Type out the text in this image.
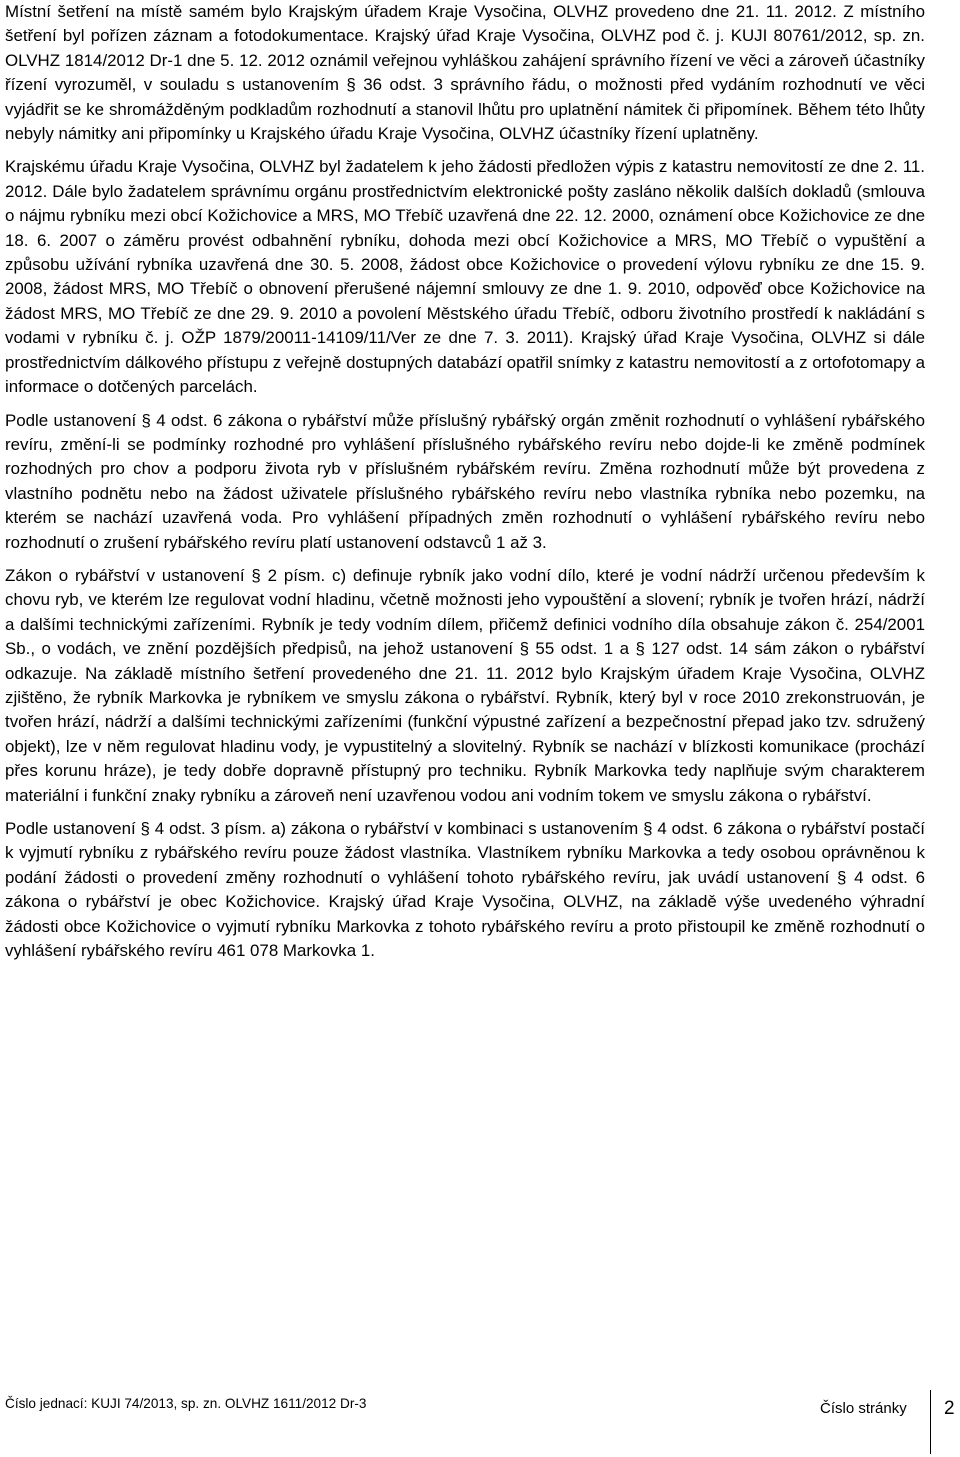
Místní šetření na místě samém bylo Krajským úřadem Kraje Vysočina, OLVHZ provedeno dne 21. 11. 2012. Z místního šetření byl pořízen záznam a fotodokumentace. Krajský úřad Kraje Vysočina, OLVHZ pod č. j. KUJI 80761/2012, sp. zn. OLVHZ 1814/2012 Dr-1 dne 5. 12. 2012 oznámil veřejnou vyhláškou zahájení správního řízení ve věci a zároveň účastníky řízení vyrozuměl, v souladu s ustanovením § 36 odst. 3 správního řádu, o možnosti před vydáním rozhodnutí ve věci vyjádřit se ke shromážděným podkladům rozhodnutí a stanovil lhůtu pro uplatnění námitek či připomínek. Během této lhůty nebyly námitky ani připomínky u Krajského úřadu Kraje Vysočina, OLVHZ účastníky řízení uplatněny.

Krajskému úřadu Kraje Vysočina, OLVHZ byl žadatelem k jeho žádosti předložen výpis z katastru nemovitostí ze dne 2. 11. 2012. Dále bylo žadatelem správnímu orgánu prostřednictvím elektronické pošty zasláno několik dalších dokladů (smlouva o nájmu rybníku mezi obcí Kožichovice a MRS, MO Třebíč uzavřená dne 22. 12. 2000, oznámení obce Kožichovice ze dne 18. 6. 2007 o záměru provést odbahnění rybníku, dohoda mezi obcí Kožichovice a MRS, MO Třebíč o vypuštění a způsobu užívání rybníka uzavřená dne 30. 5. 2008, žádost obce Kožichovice o provedení výlovu rybníku ze dne 15. 9. 2008, žádost MRS, MO Třebíč o obnovení přerušené nájemní smlouvy ze dne 1. 9. 2010, odpověď obce Kožichovice na žádost MRS, MO Třebíč ze dne 29. 9. 2010 a povolení Městského úřadu Třebíč, odboru životního prostředí k nakládání s vodami v rybníku č. j. OŽP 1879/20011-14109/11/Ver ze dne 7. 3. 2011). Krajský úřad Kraje Vysočina, OLVHZ si dále prostřednictvím dálkového přístupu z veřejně dostupných databází opatřil snímky z katastru nemovitostí a z ortofotomapy a informace o dotčených parcelách.

Podle ustanovení § 4 odst. 6 zákona o rybářství může příslušný rybářský orgán změnit rozhodnutí o vyhlášení rybářského revíru, změní-li se podmínky rozhodné pro vyhlášení příslušného rybářského revíru nebo dojde-li ke změně podmínek rozhodných pro chov a podporu života ryb v příslušném rybářském revíru. Změna rozhodnutí může být provedena z vlastního podnětu nebo na žádost uživatele příslušného rybářského revíru nebo vlastníka rybníka nebo pozemku, na kterém se nachází uzavřená voda. Pro vyhlášení případných změn rozhodnutí o vyhlášení rybářského revíru nebo rozhodnutí o zrušení rybářského revíru platí ustanovení odstavců 1 až 3.

Zákon o rybářství v ustanovení § 2 písm. c) definuje rybník jako vodní dílo, které je vodní nádrží určenou především k chovu ryb, ve kterém lze regulovat vodní hladinu, včetně možnosti jeho vypouštění a slovení; rybník je tvořen hrází, nádrží a dalšími technickými zařízeními. Rybník je tedy vodním dílem, přičemž definici vodního díla obsahuje zákon č. 254/2001 Sb., o vodách, ve znění pozdějších předpisů, na jehož ustanovení § 55 odst. 1 a § 127 odst. 14 sám zákon o rybářství odkazuje. Na základě místního šetření provedeného dne 21. 11. 2012 bylo Krajským úřadem Kraje Vysočina, OLVHZ zjištěno, že rybník Markovka je rybníkem ve smyslu zákona o rybářství. Rybník, který byl v roce 2010 zrekonstruován, je tvořen hrází, nádrží a dalšími technickými zařízeními (funkční výpustné zařízení a bezpečnostní přepad jako tzv. sdružený objekt), lze v něm regulovat hladinu vody, je vypustitelný a slovitelný. Rybník se nachází v blízkosti komunikace (prochází přes korunu hráze), je tedy dobře dopravně přístupný pro techniku. Rybník Markovka tedy naplňuje svým charakterem materiální i funkční znaky rybníku a zároveň není uzavřenou vodou ani vodním tokem ve smyslu zákona o rybářství.

Podle ustanovení § 4 odst. 3 písm. a) zákona o rybářství v kombinaci s ustanovením § 4 odst. 6 zákona o rybářství postačí k vyjmutí rybníku z rybářského revíru pouze žádost vlastníka. Vlastníkem rybníku Markovka a tedy osobou oprávněnou k podání žádosti o provedení změny rozhodnutí o vyhlášení tohoto rybářského revíru, jak uvádí ustanovení § 4 odst. 6 zákona o rybářství je obec Kožichovice. Krajský úřad Kraje Vysočina, OLVHZ, na základě výše uvedeného výhradní žádosti obce Kožichovice o vyjmutí rybníku Markovka z tohoto rybářského revíru a proto přistoupil ke změně rozhodnutí o vyhlášení rybářského revíru 461 078 Markovka 1.

Číslo jednací: KUJI 74/2013, sp. zn. OLVHZ 1611/2012 Dr-3	Číslo stránky 2
